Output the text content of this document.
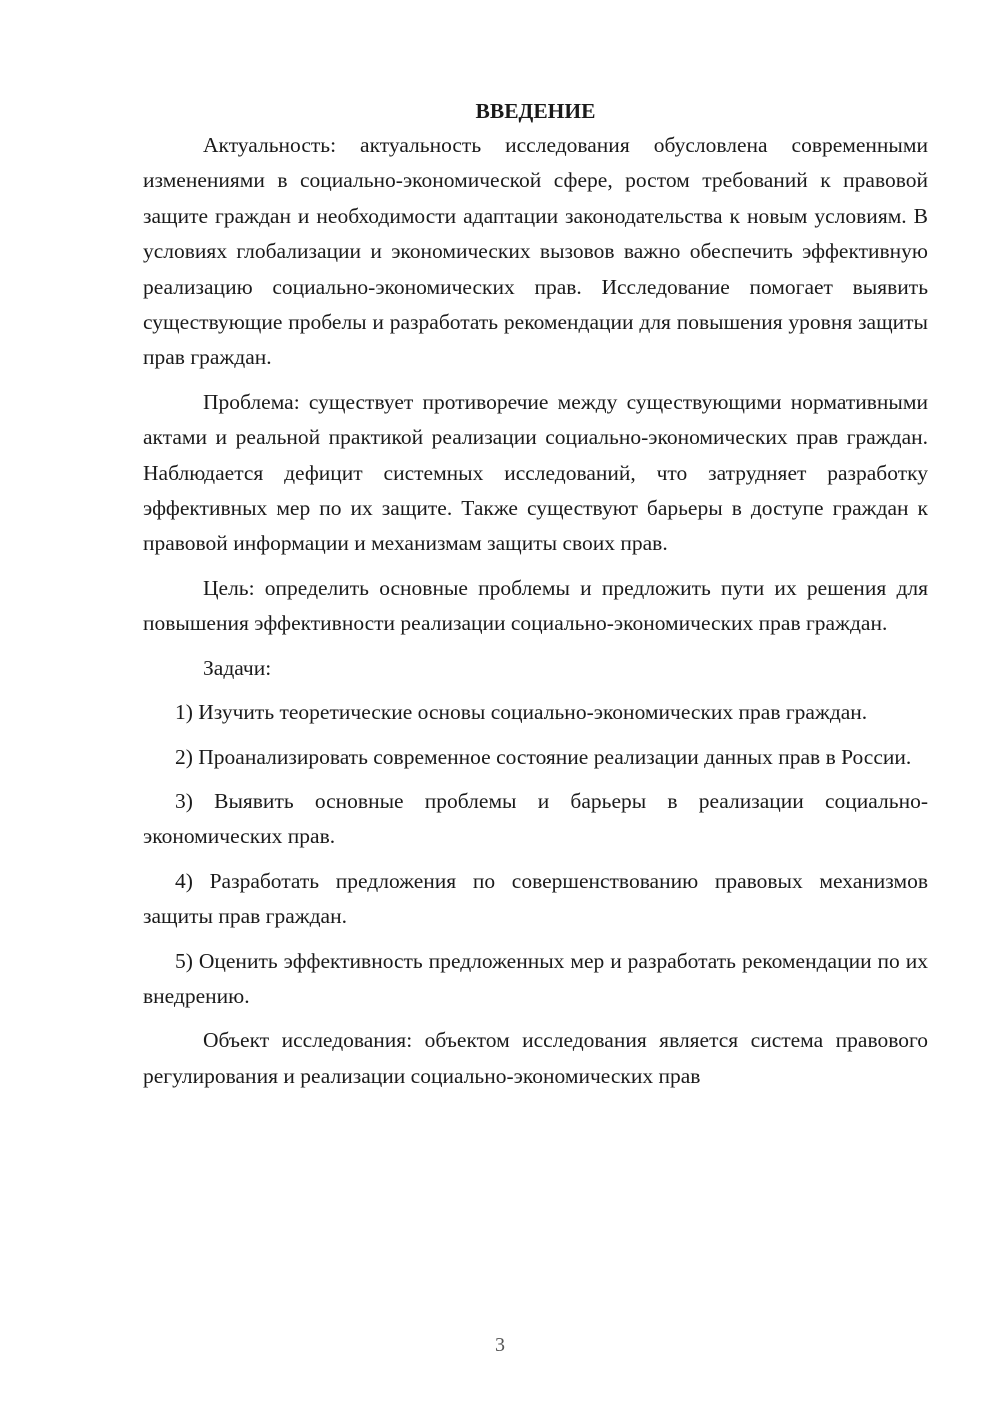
ВВЕДЕНИЕ

Актуальность: актуальность исследования обусловлена современными изменениями в социально-экономической сфере, ростом требований к правовой защите граждан и необходимости адаптации законодательства к новым условиям. В условиях глобализации и экономических вызовов важно обеспечить эффективную реализацию социально-экономических прав. Исследование помогает выявить существующие пробелы и разработать рекомендации для повышения уровня защиты прав граждан.

Проблема: существует противоречие между существующими нормативными актами и реальной практикой реализации социально-экономических прав граждан. Наблюдается дефицит системных исследований, что затрудняет разработку эффективных мер по их защите. Также существуют барьеры в доступе граждан к правовой информации и механизмам защиты своих прав.

Цель: определить основные проблемы и предложить пути их решения для повышения эффективности реализации социально-экономических прав граждан.

Задачи:

1) Изучить теоретические основы социально-экономических прав граждан.

2) Проанализировать современное состояние реализации данных прав в России.

3) Выявить основные проблемы и барьеры в реализации социально-экономических прав.

4) Разработать предложения по совершенствованию правовых механизмов защиты прав граждан.

5) Оценить эффективность предложенных мер и разработать рекомендации по их внедрению.

Объект исследования: объектом исследования является система правового регулирования и реализации социально-экономических прав

3
